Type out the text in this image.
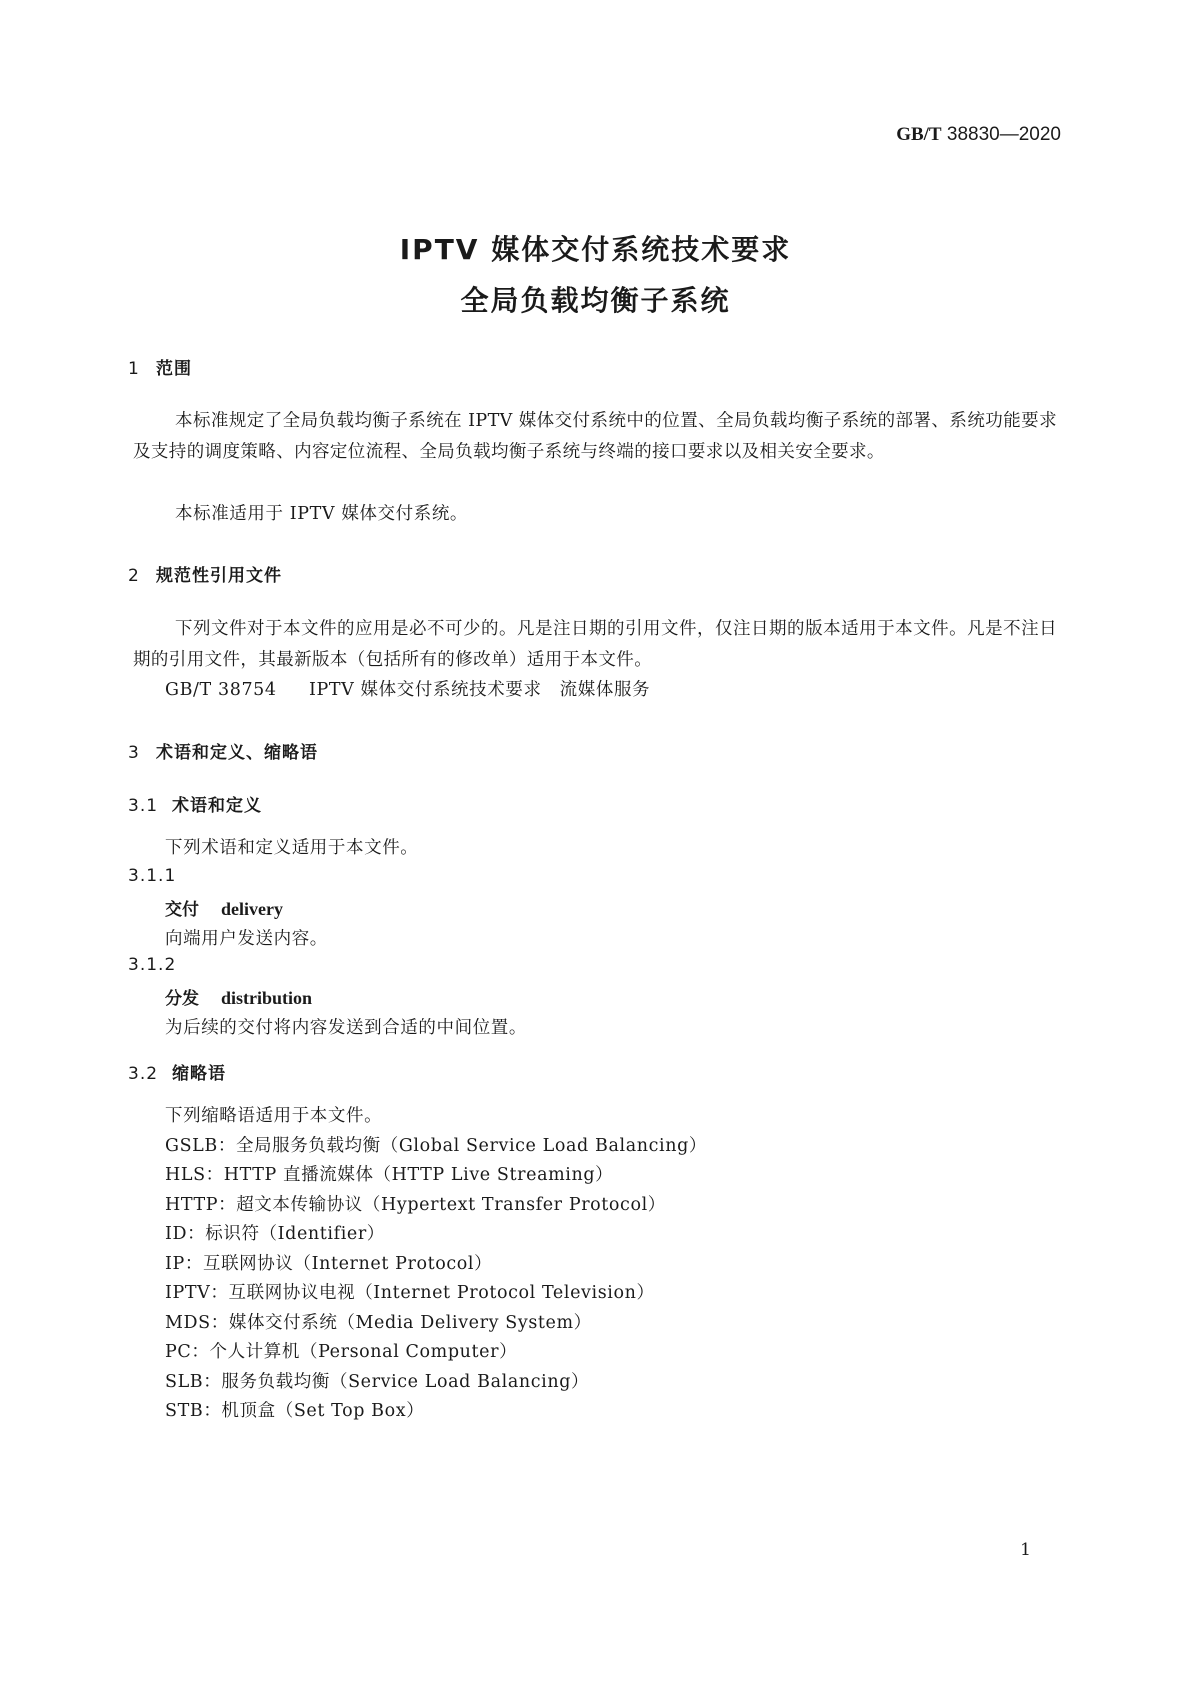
GB/T 38830—2020
IPTV 媒体交付系统技术要求
全局负载均衡子系统
1 范围
本标准规定了全局负载均衡子系统在 IPTV 媒体交付系统中的位置、全局负载均衡子系统的部署、系统功能要求及支持的调度策略、内容定位流程、全局负载均衡子系统与终端的接口要求以及相关安全要求。
本标准适用于 IPTV 媒体交付系统。
2 规范性引用文件
下列文件对于本文件的应用是必不可少的。凡是注日期的引用文件，仅注日期的版本适用于本文件。凡是不注日期的引用文件，其最新版本（包括所有的修改单）适用于本文件。
GB/T 38754 IPTV 媒体交付系统技术要求　流媒体服务
3 术语和定义、缩略语
3.1 术语和定义
下列术语和定义适用于本文件。
3.1.1
交付 delivery
向端用户发送内容。
3.1.2
分发 distribution
为后续的交付将内容发送到合适的中间位置。
3.2 缩略语
下列缩略语适用于本文件。
GSLB：全局服务负载均衡（Global Service Load Balancing）
HLS：HTTP 直播流媒体（HTTP Live Streaming）
HTTP：超文本传输协议（Hypertext Transfer Protocol）
ID：标识符（Identifier）
IP：互联网协议（Internet Protocol）
IPTV：互联网协议电视（Internet Protocol Television）
MDS：媒体交付系统（Media Delivery System）
PC：个人计算机（Personal Computer）
SLB：服务负载均衡（Service Load Balancing）
STB：机顶盒（Set Top Box）
1
